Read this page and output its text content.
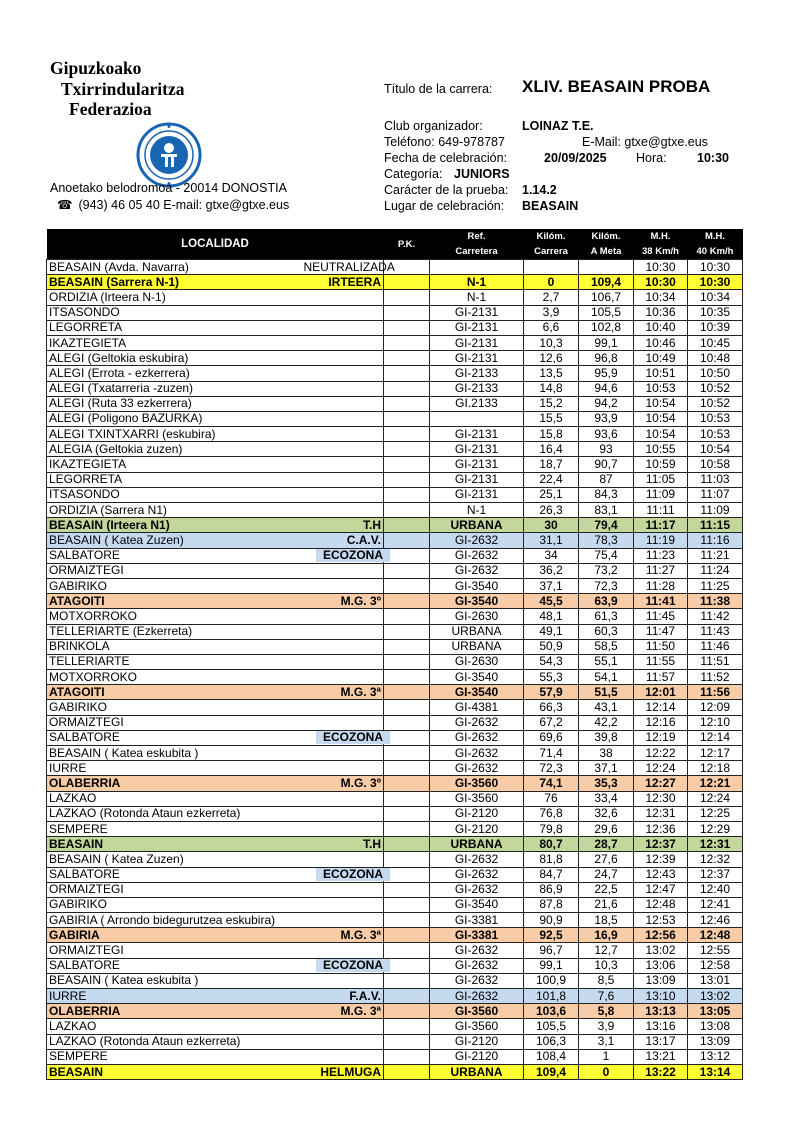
Gipuzkoako
Txirrindularitza
Federazioa
Anoetako belodromoa - 20014 DONOSTIA
☎ (943) 46 05 40 E-mail: gtxe@gtxe.eus
Título de la carrera: XLIV. BEASAIN PROBA
Club organizador:	LOINAZ T.E.
Teléfono: 649-978787	E-Mail: gtxe@gtxe.eus
Fecha de celebración:	20/09/2025 Hora: 10:30
Categoría: JUNIORS
Carácter de la prueba: 1.14.2
Lugar de celebración: BEASAIN
LOCALIDAD		P.K.	Ref.	Kilóm.	Kilóm.	M.H.	M.H.
			Carretera	Carrera	A Meta	38 Km/h	40 Km/h
BEASAIN (Avda. Navarra)	NEUTRALIZADA					10:30	10:30
BEASAIN (Sarrera N-1)	IRTEERA		N-1	0	109,4	10:30	10:30
ORDIZIA (Irteera N-1)			N-1	2,7	106,7	10:34	10:34
ITSASONDO			GI-2131	3,9	105,5	10:36	10:35
LEGORRETA			GI-2131	6,6	102,8	10:40	10:39
IKAZTEGIETA			GI-2131	10,3	99,1	10:46	10:45
ALEGI (Geltokia eskubira)			GI-2131	12,6	96,8	10:49	10:48
ALEGI (Errota - ezkerrera)			GI-2133	13,5	95,9	10:51	10:50
ALEGI (Txatarreria -zuzen)			GI-2133	14,8	94,6	10:53	10:52
ALEGI (Ruta 33 ezkerrera)			GI.2133	15,2	94,2	10:54	10:52
ALEGI (Poligono BAZURKA)				15,5	93,9	10:54	10:53
ALEGI TXINTXARRI (eskubira)			GI-2131	15,8	93,6	10:54	10:53
ALEGIA (Geltokia zuzen)			GI-2131	16,4	93	10:55	10:54
IKAZTEGIETA			GI-2131	18,7	90,7	10:59	10:58
LEGORRETA			GI-2131	22,4	87	11:05	11:03
ITSASONDO			GI-2131	25,1	84,3	11:09	11:07
ORDIZIA (Sarrera N1)			N-1	26,3	83,1	11:11	11:09
BEASAIN (Irteera N1)	T.H		URBANA	30	79,4	11:17	11:15
BEASAIN ( Katea Zuzen)	C.A.V.		GI-2632	31,1	78,3	11:19	11:16
SALBATORE	ECOZONA		GI-2632	34	75,4	11:23	11:21
ORMAIZTEGI			GI-2632	36,2	73,2	11:27	11:24
GABIRIKO			GI-3540	37,1	72,3	11:28	11:25
ATAGOITI	M.G. 3º		GI-3540	45,5	63,9	11:41	11:38
MOTXORROKO			GI-2630	48,1	61,3	11:45	11:42
TELLERIARTE (Ezkerreta)			URBANA	49,1	60,3	11:47	11:43
BRINKOLA			URBANA	50,9	58,5	11:50	11:46
TELLERIARTE			GI-2630	54,3	55,1	11:55	11:51
MOTXORROKO			GI-3540	55,3	54,1	11:57	11:52
ATAGOITI	M.G. 3ª		GI-3540	57,9	51,5	12:01	11:56
GABIRIKO			GI-4381	66,3	43,1	12:14	12:09
ORMAIZTEGI			GI-2632	67,2	42,2	12:16	12:10
SALBATORE	ECOZONA		GI-2632	69,6	39,8	12:19	12:14
BEASAIN ( Katea eskubita )			GI-2632	71,4	38	12:22	12:17
IURRE			GI-2632	72,3	37,1	12:24	12:18
OLABERRIA	M.G. 3º		GI-3560	74,1	35,3	12:27	12:21
LAZKAO			GI-3560	76	33,4	12:30	12:24
LAZKAO (Rotonda Ataun ezkerreta)			GI-2120	76,8	32,6	12:31	12:25
SEMPERE			GI-2120	79,8	29,6	12:36	12:29
BEASAIN	T.H		URBANA	80,7	28,7	12:37	12:31
BEASAIN ( Katea Zuzen)			GI-2632	81,8	27,6	12:39	12:32
SALBATORE	ECOZONA		GI-2632	84,7	24,7	12:43	12:37
ORMAIZTEGI			GI-2632	86,9	22,5	12:47	12:40
GABIRIKO			GI-3540	87,8	21,6	12:48	12:41
GABIRIA ( Arrondo bidegurutzea eskubira)			GI-3381	90,9	18,5	12:53	12:46
GABIRIA	M.G. 3ª		GI-3381	92,5	16,9	12:56	12:48
ORMAIZTEGI			GI-2632	96,7	12,7	13:02	12:55
SALBATORE	ECOZONA		GI-2632	99,1	10,3	13:06	12:58
BEASAIN ( Katea eskubita )			GI-2632	100,9	8,5	13:09	13:01
IURRE	F.A.V.		GI-2632	101,8	7,6	13:10	13:02
OLABERRIA	M.G. 3ª		GI-3560	103,6	5,8	13:13	13:05
LAZKAO			GI-3560	105,5	3,9	13:16	13:08
LAZKAO (Rotonda Ataun ezkerreta)			GI-2120	106,3	3,1	13:17	13:09
SEMPERE			GI-2120	108,4	1	13:21	13:12
BEASAIN	HELMUGA		URBANA	109,4	0	13:22	13:14
